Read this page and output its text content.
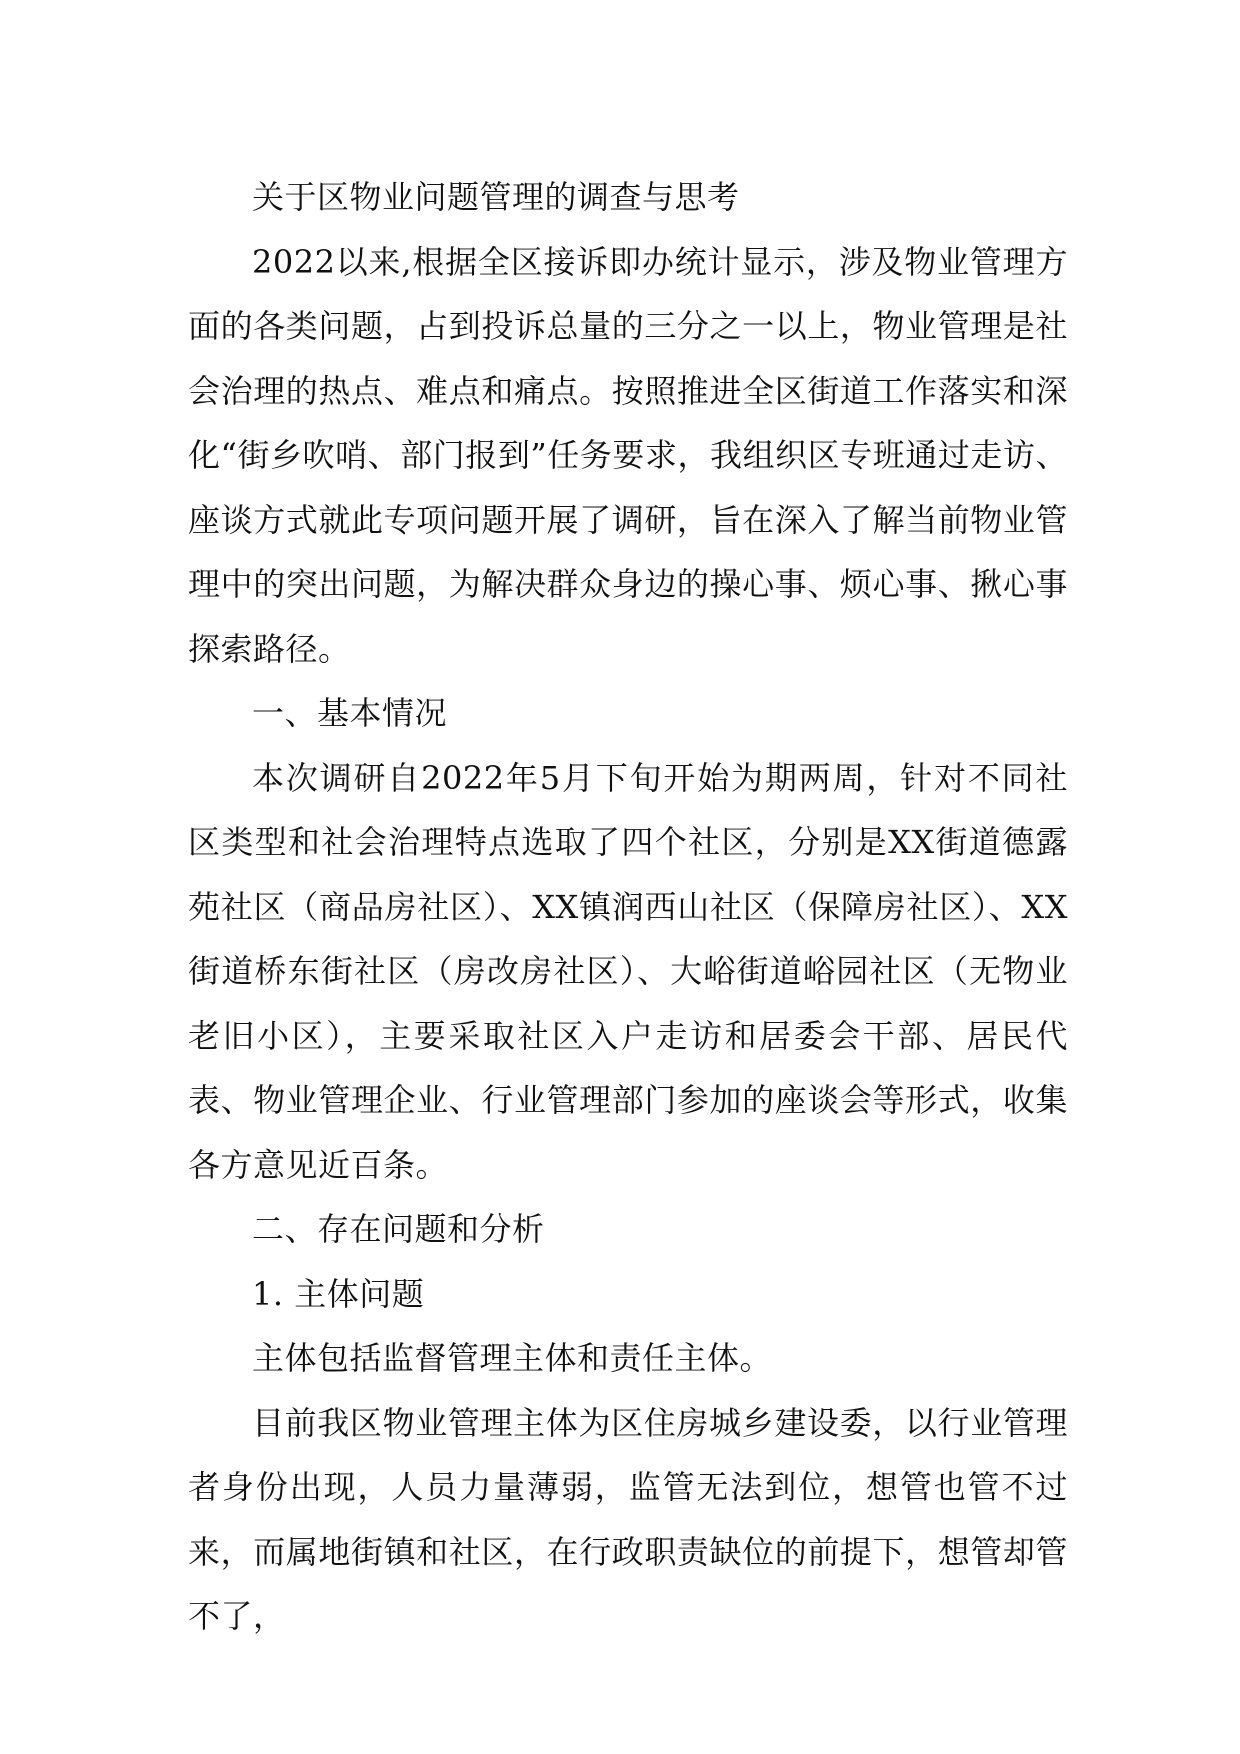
关于区物业问题管理的调查与思考

2022以来,根据全区接诉即办统计显示，涉及物业管理方面的各类问题，占到投诉总量的三分之一以上，物业管理是社会治理的热点、难点和痛点。按照推进全区街道工作落实和深化“街乡吹哨、部门报到”任务要求，我组织区专班通过走访、座谈方式就此专项问题开展了调研，旨在深入了解当前物业管理中的突出问题，为解决群众身边的操心事、烦心事、揪心事探索路径。

一、基本情况

本次调研自2022年5月下旬开始为期两周，针对不同社区类型和社会治理特点选取了四个社区，分别是XX街道德露苑社区（商品房社区）、XX镇润西山社区（保障房社区）、XX街道桥东街社区（房改房社区）、大峪街道峪园社区（无物业老旧小区），主要采取社区入户走访和居委会干部、居民代表、物业管理企业、行业管理部门参加的座谈会等形式，收集各方意见近百条。

二、存在问题和分析

1. 主体问题

主体包括监督管理主体和责任主体。

目前我区物业管理主体为区住房城乡建设委，以行业管理者身份出现，人员力量薄弱，监管无法到位，想管也管不过来，而属地街镇和社区，在行政职责缺位的前提下，想管却管不了，
